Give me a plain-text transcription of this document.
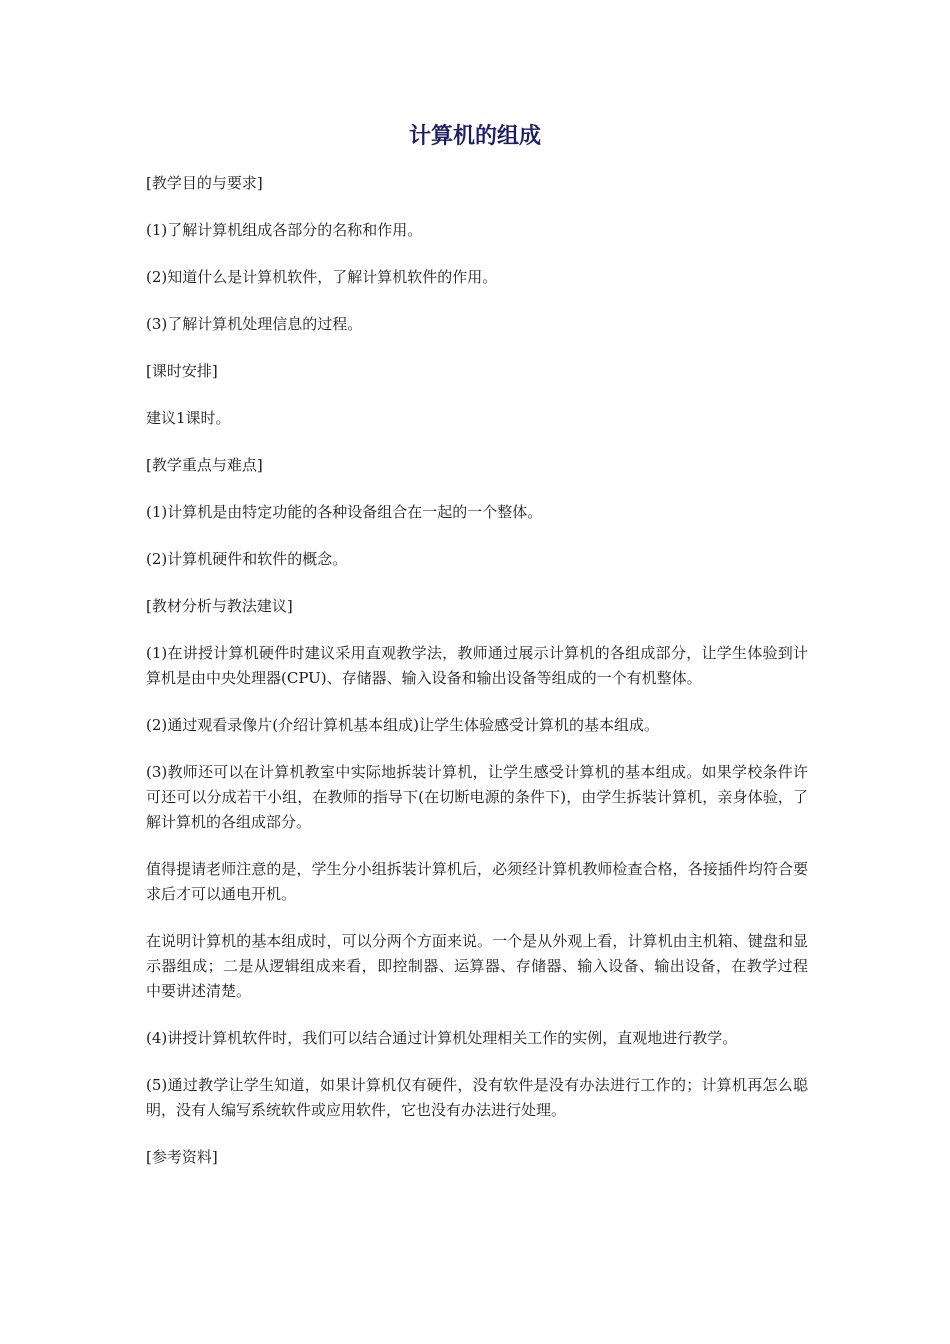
计算机的组成

[教学目的与要求]

(1)了解计算机组成各部分的名称和作用。

(2)知道什么是计算机软件，了解计算机软件的作用。

(3)了解计算机处理信息的过程。

[课时安排]

建议1课时。

[教学重点与难点]

(1)计算机是由特定功能的各种设备组合在一起的一个整体。

(2)计算机硬件和软件的概念。

[教材分析与教法建议]

(1)在讲授计算机硬件时建议采用直观教学法，教师通过展示计算机的各组成部分，让学生体验到计算机是由中央处理器(CPU)、存储器、输入设备和输出设备等组成的一个有机整体。

(2)通过观看录像片(介绍计算机基本组成)让学生体验感受计算机的基本组成。

(3)教师还可以在计算机教室中实际地拆装计算机，让学生感受计算机的基本组成。如果学校条件许可还可以分成若干小组，在教师的指导下(在切断电源的条件下)，由学生拆装计算机，亲身体验，了解计算机的各组成部分。

值得提请老师注意的是，学生分小组拆装计算机后，必须经计算机教师检查合格，各接插件均符合要求后才可以通电开机。

在说明计算机的基本组成时，可以分两个方面来说。一个是从外观上看，计算机由主机箱、键盘和显示器组成；二是从逻辑组成来看，即控制器、运算器、存储器、输入设备、输出设备，在教学过程　中要讲述清楚。

(4)讲授计算机软件时，我们可以结合通过计算机处理相关工作的实例，直观地进行教学。

(5)通过教学让学生知道，如果计算机仅有硬件，没有软件是没有办法进行工作的；计算机再怎么聪明，没有人编写系统软件或应用软件，它也没有办法进行处理。

[参考资料]
